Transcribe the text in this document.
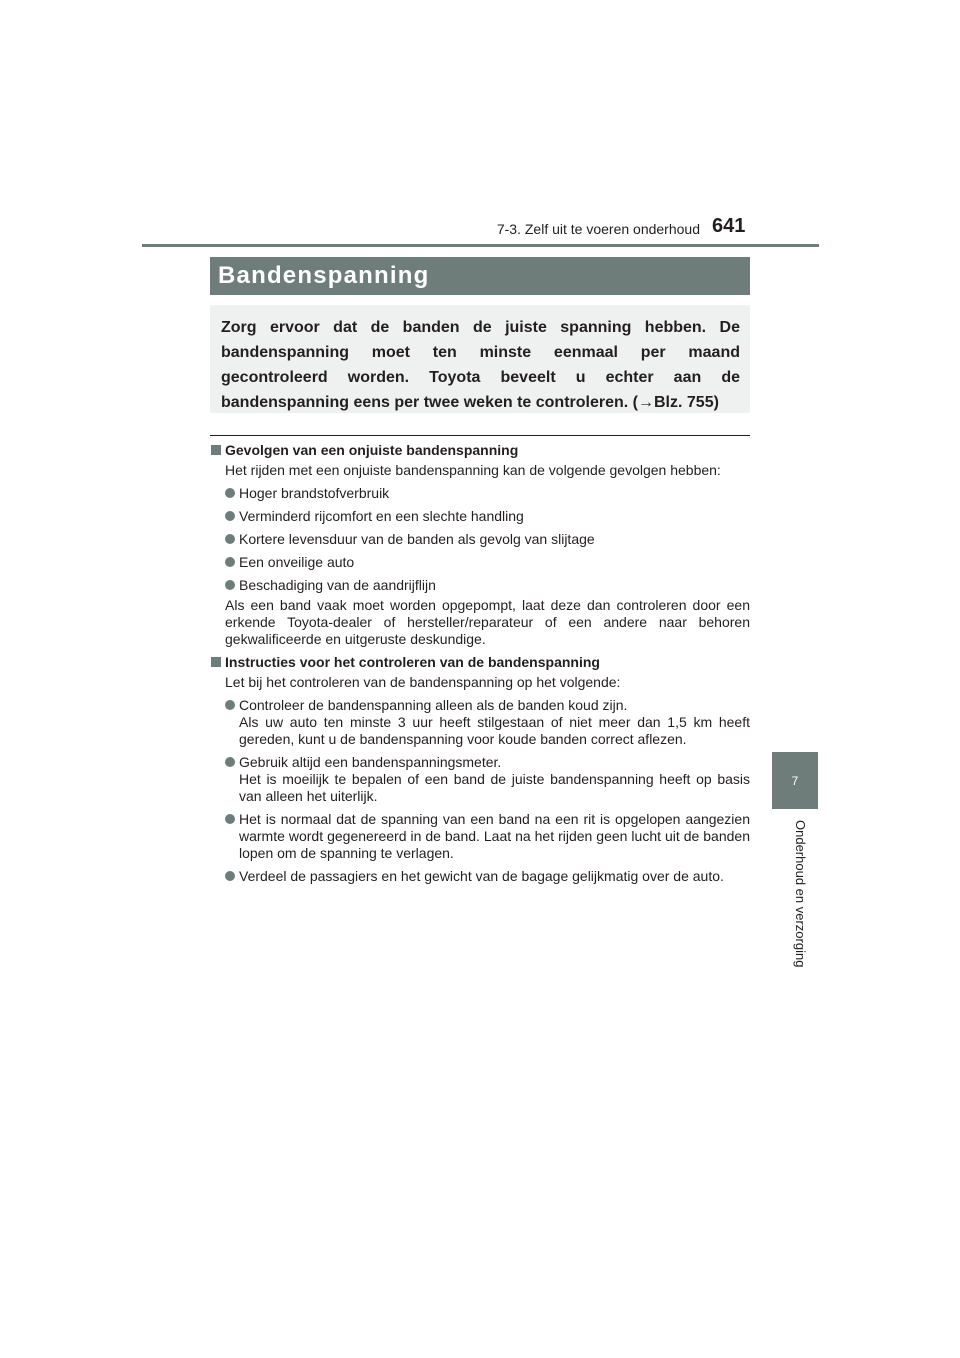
7-3. Zelf uit te voeren onderhoud 641
7
Onderhoud en verzorging
Bandenspanning
Zorg ervoor dat de banden de juiste spanning hebben. De bandenspanning moet ten minste eenmaal per maand gecontroleerd worden. Toyota beveelt u echter aan de bandenspanning eens per twee weken te controleren. (→Blz. 755)
Gevolgen van een onjuiste bandenspanning
Het rijden met een onjuiste bandenspanning kan de volgende gevolgen hebben:
Hoger brandstofverbruik
Verminderd rijcomfort en een slechte handling
Kortere levensduur van de banden als gevolg van slijtage
Een onveilige auto
Beschadiging van de aandrijflijn
Als een band vaak moet worden opgepompt, laat deze dan controleren door een erkende Toyota-dealer of hersteller/reparateur of een andere naar behoren gekwalificeerde en uitgeruste deskundige.
Instructies voor het controleren van de bandenspanning
Let bij het controleren van de bandenspanning op het volgende:
Controleer de bandenspanning alleen als de banden koud zijn.
Als uw auto ten minste 3 uur heeft stilgestaan of niet meer dan 1,5 km heeft gereden, kunt u de bandenspanning voor koude banden correct aflezen.
Gebruik altijd een bandenspanningsmeter.
Het is moeilijk te bepalen of een band de juiste bandenspanning heeft op basis van alleen het uiterlijk.
Het is normaal dat de spanning van een band na een rit is opgelopen aangezien warmte wordt gegenereerd in de band. Laat na het rijden geen lucht uit de banden lopen om de spanning te verlagen.
Verdeel de passagiers en het gewicht van de bagage gelijkmatig over de auto.
